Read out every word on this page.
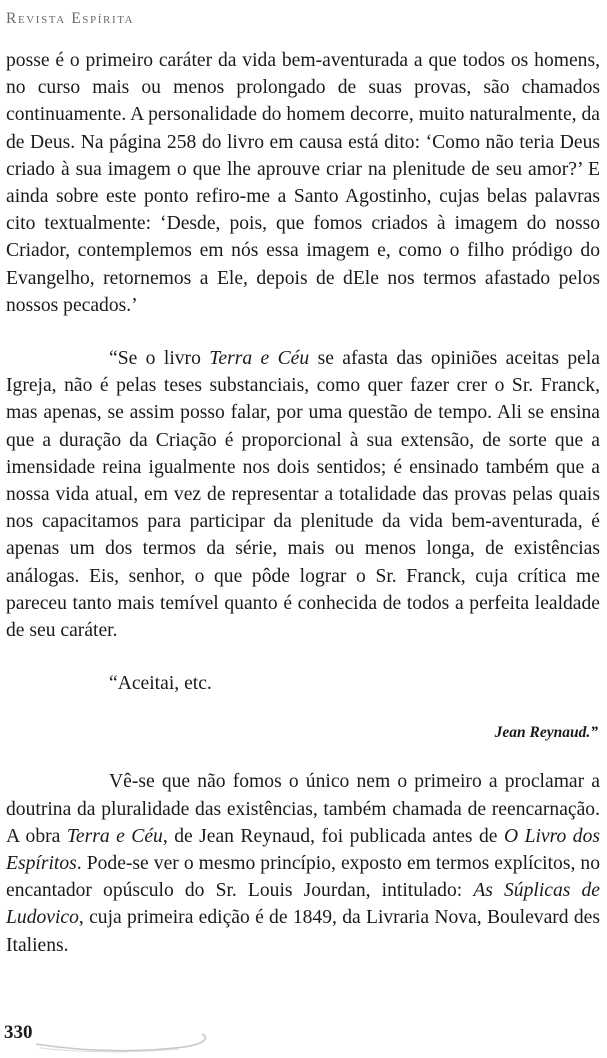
Revista Espírita

posse é o primeiro caráter da vida bem-aventurada a que todos os homens, no curso mais ou menos prolongado de suas provas, são chamados continuamente. A personalidade do homem decorre, muito naturalmente, da de Deus. Na página 258 do livro em causa está dito: ‘Como não teria Deus criado à sua imagem o que lhe aprouve criar na plenitude de seu amor?’ E ainda sobre este ponto refiro-me a Santo Agostinho, cujas belas palavras cito textualmente: ‘Desde, pois, que fomos criados à imagem do nosso Criador, contemplemos em nós essa imagem e, como o filho pródigo do Evangelho, retornemos a Ele, depois de dEle nos termos afastado pelos nossos pecados.’

“Se o livro Terra e Céu se afasta das opiniões aceitas pela Igreja, não é pelas teses substanciais, como quer fazer crer o Sr. Franck, mas apenas, se assim posso falar, por uma questão de tempo. Ali se ensina que a duração da Criação é proporcional à sua extensão, de sorte que a imensidade reina igualmente nos dois sentidos; é ensinado também que a nossa vida atual, em vez de representar a totalidade das provas pelas quais nos capacitamos para participar da plenitude da vida bem-aventurada, é apenas um dos termos da série, mais ou menos longa, de existências análogas. Eis, senhor, o que pôde lograr o Sr. Franck, cuja crítica me pareceu tanto mais temível quanto é conhecida de todos a perfeita lealdade de seu caráter.

“Aceitai, etc.

Jean Reynaud.”

Vê-se que não fomos o único nem o primeiro a proclamar a doutrina da pluralidade das existências, também chamada de reencarnação. A obra Terra e Céu, de Jean Reynaud, foi publicada antes de O Livro dos Espíritos. Pode-se ver o mesmo princípio, exposto em termos explícitos, no encantador opúsculo do Sr. Louis Jourdan, intitulado: As Súplicas de Ludovico, cuja primeira edição é de 1849, da Livraria Nova, Boulevard des Italiens.

330
